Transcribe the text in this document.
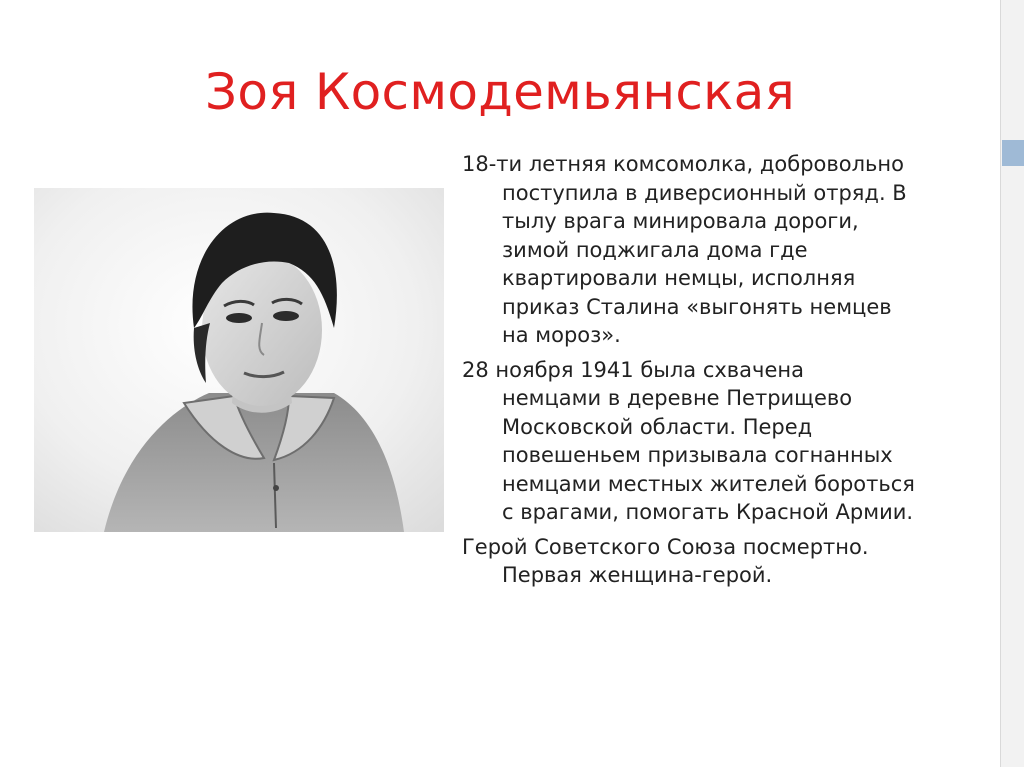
Зоя Космодемьянская

18-ти летняя комсомолка, добровольно
поступила в диверсионный отряд. В
тылу врага минировала дороги,
зимой поджигала дома где
квартировали немцы, исполняя
приказ Сталина «выгонять немцев
на мороз».

28 ноября 1941 была схвачена
немцами в деревне Петрищево
Московской области. Перед
повешеньем призывала согнанных
немцами местных жителей бороться
с врагами, помогать Красной Армии.

Герой Советского Союза посмертно.
Первая женщина-герой.
